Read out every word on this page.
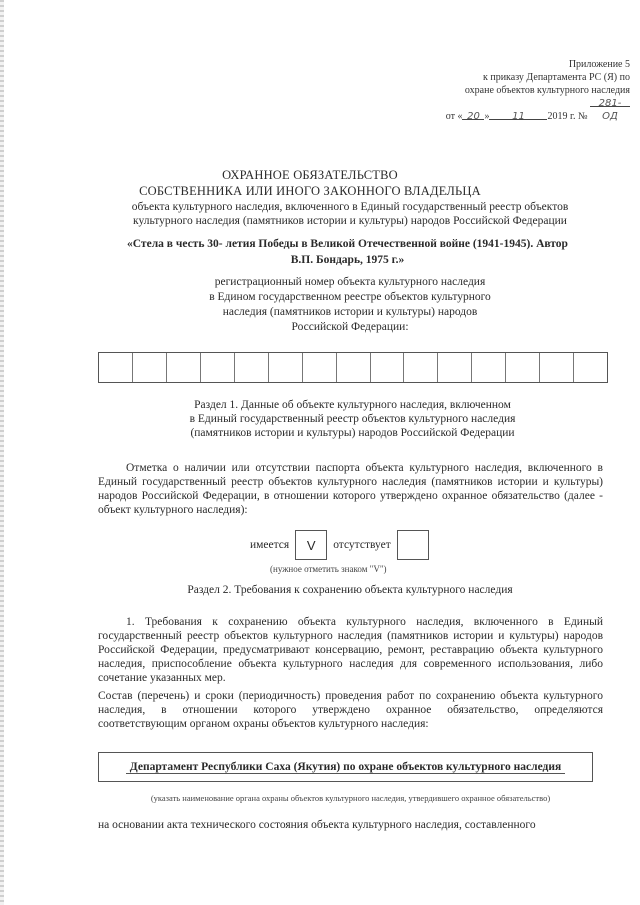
Приложение 5
к приказу Департамента РС (Я) по
охране объектов культурного наследия
от « 20 » 11 2019 г. № 281- ОД
ОХРАННОЕ ОБЯЗАТЕЛЬСТВО
СОБСТВЕННИКА ИЛИ ИНОГО ЗАКОННОГО ВЛАДЕЛЬЦА
объекта культурного наследия, включенного в Единый государственный реестр объектов
культурного наследия (памятников истории и культуры) народов Российской Федерации
«Стела в честь 30- летия Победы в Великой Отечественной войне (1941-1945). Автор
В.П. Бондарь, 1975 г.»
регистрационный номер объекта культурного наследия
в Едином государственном реестре объектов культурного
наследия (памятников истории и культуры) народов
Российской Федерации:
Раздел 1. Данные об объекте культурного наследия, включенном
в Единый государственный реестр объектов культурного наследия
(памятников истории и культуры) народов Российской Федерации
Отметка о наличии или отсутствии паспорта объекта культурного наследия, включенного в Единый государственный реестр объектов культурного наследия (памятников истории и культуры) народов Российской Федерации, в отношении которого утверждено охранное обязательство (далее - объект культурного наследия):
имеется	V	отсутствует
(нужное отметить знаком "V")
Раздел 2. Требования к сохранению объекта культурного наследия
1. Требования к сохранению объекта культурного наследия, включенного в Единый государственный реестр объектов культурного наследия (памятников истории и культуры) народов Российской Федерации, предусматривают консервацию, ремонт, реставрацию объекта культурного наследия, приспособление объекта культурного наследия для современного использования, либо сочетание указанных мер.
Состав (перечень) и сроки (периодичность) проведения работ по сохранению объекта культурного наследия, в отношении которого утверждено охранное обязательство, определяются соответствующим органом охраны объектов культурного наследия:
Департамент Республики Саха (Якутия) по охране объектов культурного наследия
(указать наименование органа охраны объектов культурного наследия, утвердившего охранное обязательство)
на основании акта технического состояния объекта культурного наследия, составленного
